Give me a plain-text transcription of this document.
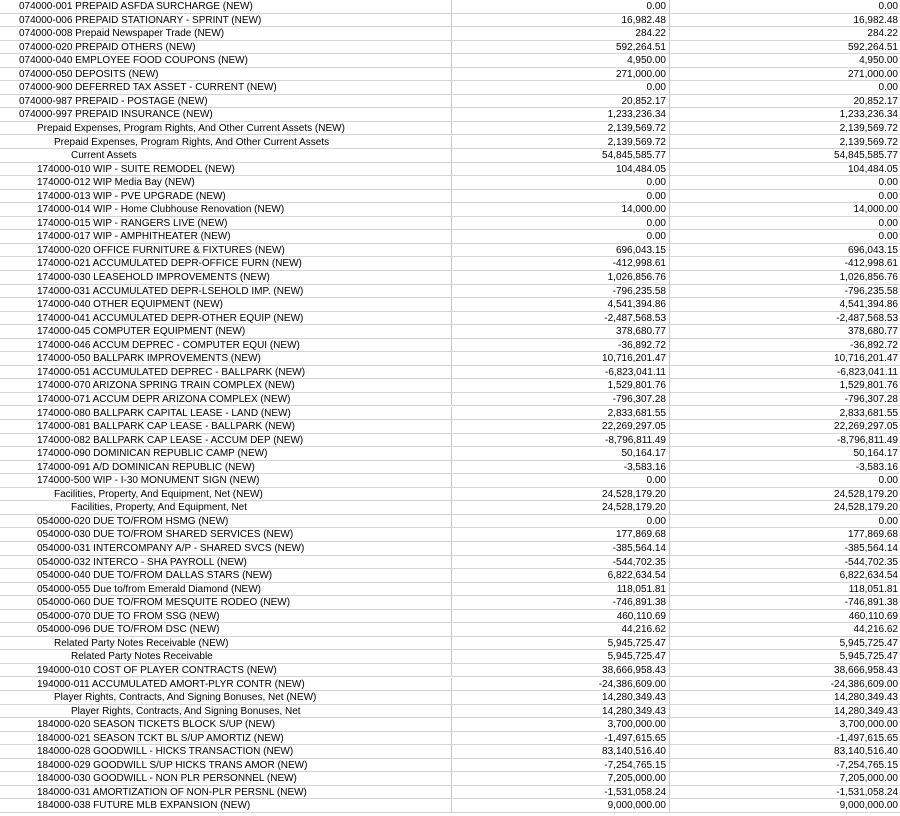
074000-001 PREPAID ASFDA SURCHARGE (NEW)	0.00	0.00
074000-006 PREPAID STATIONARY - SPRINT (NEW)	16,982.48	16,982.48
074000-008 Prepaid Newspaper Trade (NEW)	284.22	284.22
074000-020 PREPAID OTHERS (NEW)	592,264.51	592,264.51
074000-040 EMPLOYEE FOOD COUPONS (NEW)	4,950.00	4,950.00
074000-050 DEPOSITS (NEW)	271,000.00	271,000.00
074000-900 DEFERRED TAX ASSET - CURRENT (NEW)	0.00	0.00
074000-987 PREPAID - POSTAGE (NEW)	20,852.17	20,852.17
074000-997 PREPAID INSURANCE (NEW)	1,233,236.34	1,233,236.34
Prepaid Expenses, Program Rights, And Other Current Assets (NEW)	2,139,569.72	2,139,569.72
Prepaid Expenses, Program Rights, And Other Current Assets	2,139,569.72	2,139,569.72
Current Assets	54,845,585.77	54,845,585.77
174000-010 WIP - SUITE REMODEL (NEW)	104,484.05	104,484.05
174000-012 WIP Media Bay (NEW)	0.00	0.00
174000-013 WIP - PVE UPGRADE (NEW)	0.00	0.00
174000-014 WIP - Home Clubhouse Renovation (NEW)	14,000.00	14,000.00
174000-015 WIP - RANGERS LIVE (NEW)	0.00	0.00
174000-017 WIP - AMPHITHEATER (NEW)	0.00	0.00
174000-020 OFFICE FURNITURE & FIXTURES (NEW)	696,043.15	696,043.15
174000-021 ACCUMULATED DEPR-OFFICE FURN (NEW)	-412,998.61	-412,998.61
174000-030 LEASEHOLD IMPROVEMENTS (NEW)	1,026,856.76	1,026,856.76
174000-031 ACCUMULATED DEPR-LSEHOLD IMP. (NEW)	-796,235.58	-796,235.58
174000-040 OTHER EQUIPMENT (NEW)	4,541,394.86	4,541,394.86
174000-041 ACCUMULATED DEPR-OTHER EQUIP (NEW)	-2,487,568.53	-2,487,568.53
174000-045 COMPUTER EQUIPMENT (NEW)	378,680.77	378,680.77
174000-046 ACCUM DEPREC - COMPUTER EQUI (NEW)	-36,892.72	-36,892.72
174000-050 BALLPARK IMPROVEMENTS (NEW)	10,716,201.47	10,716,201.47
174000-051 ACCUMULATED DEPREC - BALLPARK (NEW)	-6,823,041.11	-6,823,041.11
174000-070 ARIZONA SPRING TRAIN COMPLEX (NEW)	1,529,801.76	1,529,801.76
174000-071 ACCUM DEPR ARIZONA COMPLEX (NEW)	-796,307.28	-796,307.28
174000-080 BALLPARK CAPITAL LEASE - LAND (NEW)	2,833,681.55	2,833,681.55
174000-081 BALLPARK CAP LEASE - BALLPARK (NEW)	22,269,297.05	22,269,297.05
174000-082 BALLPARK CAP LEASE - ACCUM DEP (NEW)	-8,796,811.49	-8,796,811.49
174000-090 DOMINICAN REPUBLIC CAMP (NEW)	50,164.17	50,164.17
174000-091 A/D DOMINICAN REPUBLIC (NEW)	-3,583.16	-3,583.16
174000-500 WIP - I-30 MONUMENT SIGN (NEW)	0.00	0.00
Facilities, Property, And Equipment, Net (NEW)	24,528,179.20	24,528,179.20
Facilities, Property, And Equipment, Net	24,528,179.20	24,528,179.20
054000-020 DUE TO/FROM HSMG (NEW)	0.00	0.00
054000-030 DUE TO/FROM SHARED SERVICES (NEW)	177,869.68	177,869.68
054000-031 INTERCOMPANY A/P - SHARED SVCS (NEW)	-385,564.14	-385,564.14
054000-032 INTERCO - SHA PAYROLL (NEW)	-544,702.35	-544,702.35
054000-040 DUE TO/FROM DALLAS STARS (NEW)	6,822,634.54	6,822,634.54
054000-055 Due to/from Emerald Diamond (NEW)	118,051.81	118,051.81
054000-060 DUE TO/FROM MESQUITE RODEO (NEW)	-746,891.38	-746,891.38
054000-070 DUE TO FROM SSG (NEW)	460,110.69	460,110.69
054000-096 DUE TO/FROM DSC (NEW)	44,216.62	44,216.62
Related Party Notes Receivable (NEW)	5,945,725.47	5,945,725.47
Related Party Notes Receivable	5,945,725.47	5,945,725.47
194000-010 COST OF PLAYER CONTRACTS (NEW)	38,666,958.43	38,666,958.43
194000-011 ACCUMULATED AMORT-PLYR CONTR (NEW)	-24,386,609.00	-24,386,609.00
Player Rights, Contracts, And Signing Bonuses, Net (NEW)	14,280,349.43	14,280,349.43
Player Rights, Contracts, And Signing Bonuses, Net	14,280,349.43	14,280,349.43
184000-020 SEASON TICKETS BLOCK S/UP (NEW)	3,700,000.00	3,700,000.00
184000-021 SEASON TCKT BL S/UP AMORTIZ (NEW)	-1,497,615.65	-1,497,615.65
184000-028 GOODWILL - HICKS TRANSACTION (NEW)	83,140,516.40	83,140,516.40
184000-029 GOODWILL S/UP HICKS TRANS AMOR (NEW)	-7,254,765.15	-7,254,765.15
184000-030 GOODWILL - NON PLR PERSONNEL (NEW)	7,205,000.00	7,205,000.00
184000-031 AMORTIZATION OF NON-PLR PERSNL (NEW)	-1,531,058.24	-1,531,058.24
184000-038 FUTURE MLB EXPANSION (NEW)	9,000,000.00	9,000,000.00
